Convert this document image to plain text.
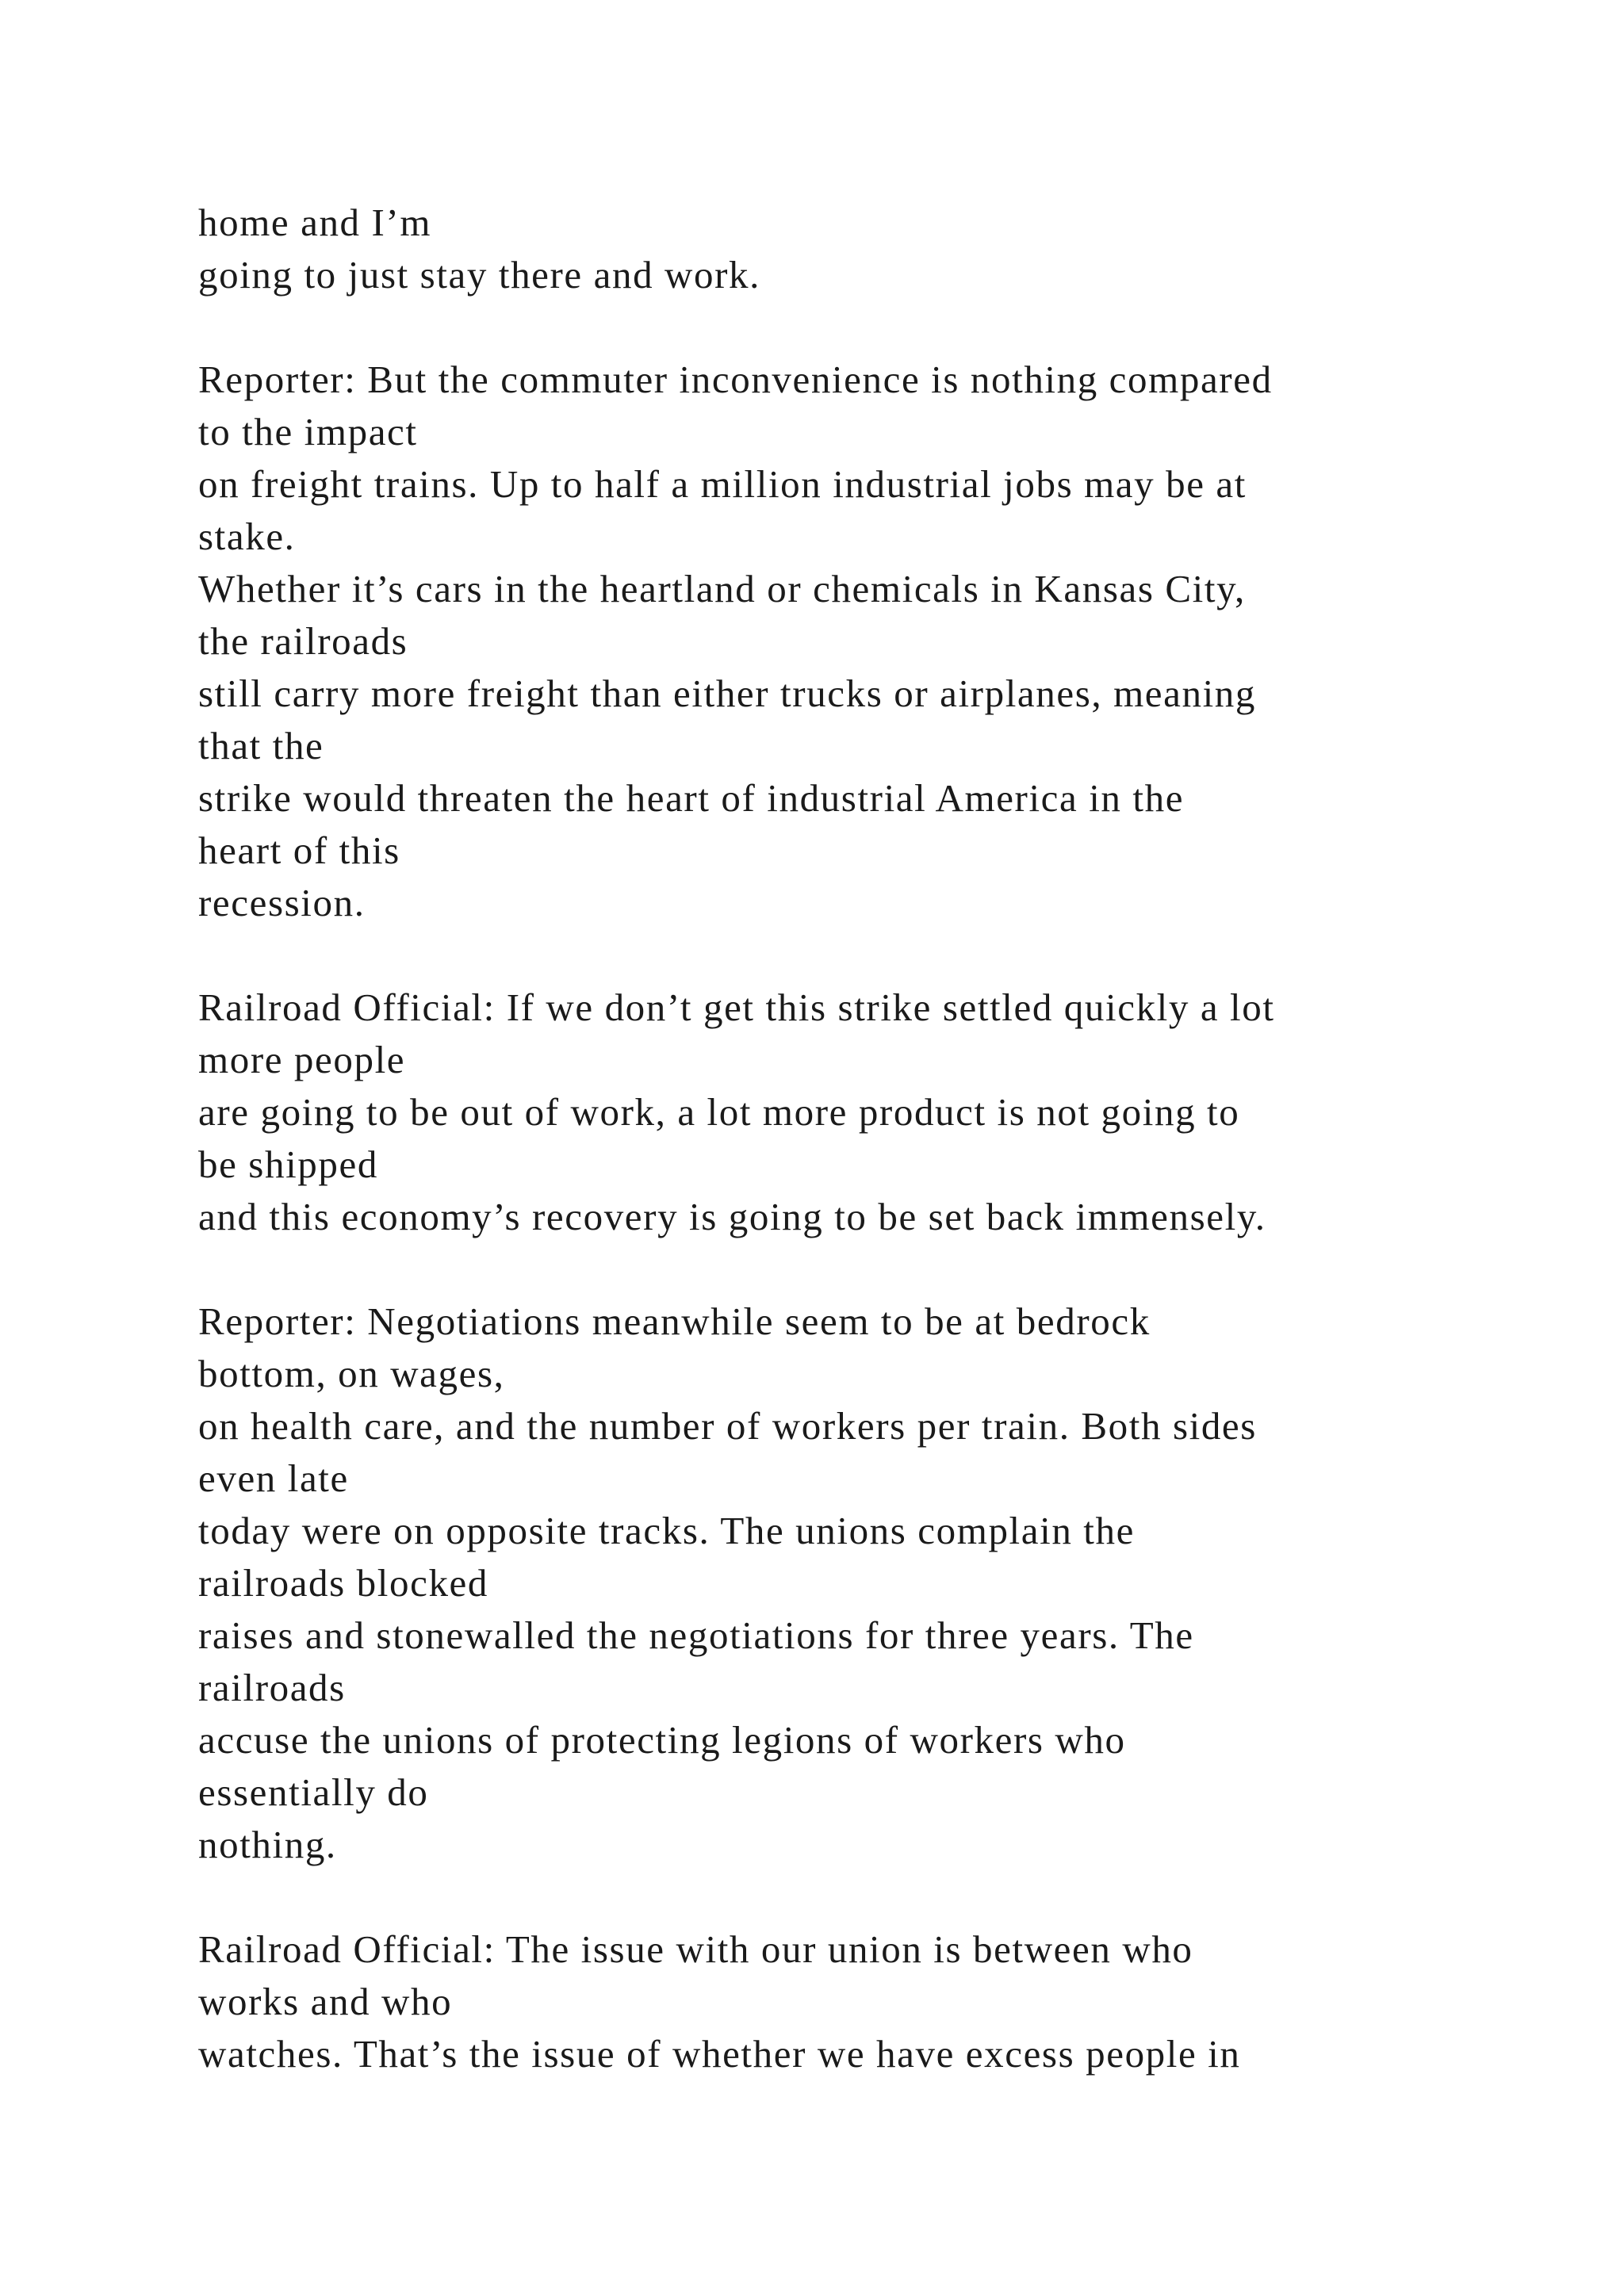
home and I’m
going to just stay there and work.
Reporter: But the commuter inconvenience is nothing compared
to the impact
on freight trains. Up to half a million industrial jobs may be at
stake.
Whether it’s cars in the heartland or chemicals in Kansas City,
the railroads
still carry more freight than either trucks or airplanes, meaning
that the
strike would threaten the heart of industrial America in the
heart of this
recession.
Railroad Official: If we don’t get this strike settled quickly a lot
more people
are going to be out of work, a lot more product is not going to
be shipped
and this economy’s recovery is going to be set back immensely.
Reporter: Negotiations meanwhile seem to be at bedrock
bottom, on wages,
on health care, and the number of workers per train. Both sides
even late
today were on opposite tracks. The unions complain the
railroads blocked
raises and stonewalled the negotiations for three years. The
railroads
accuse the unions of protecting legions of workers who
essentially do
nothing.
Railroad Official: The issue with our union is between who
works and who
watches. That’s the issue of whether we have excess people in
